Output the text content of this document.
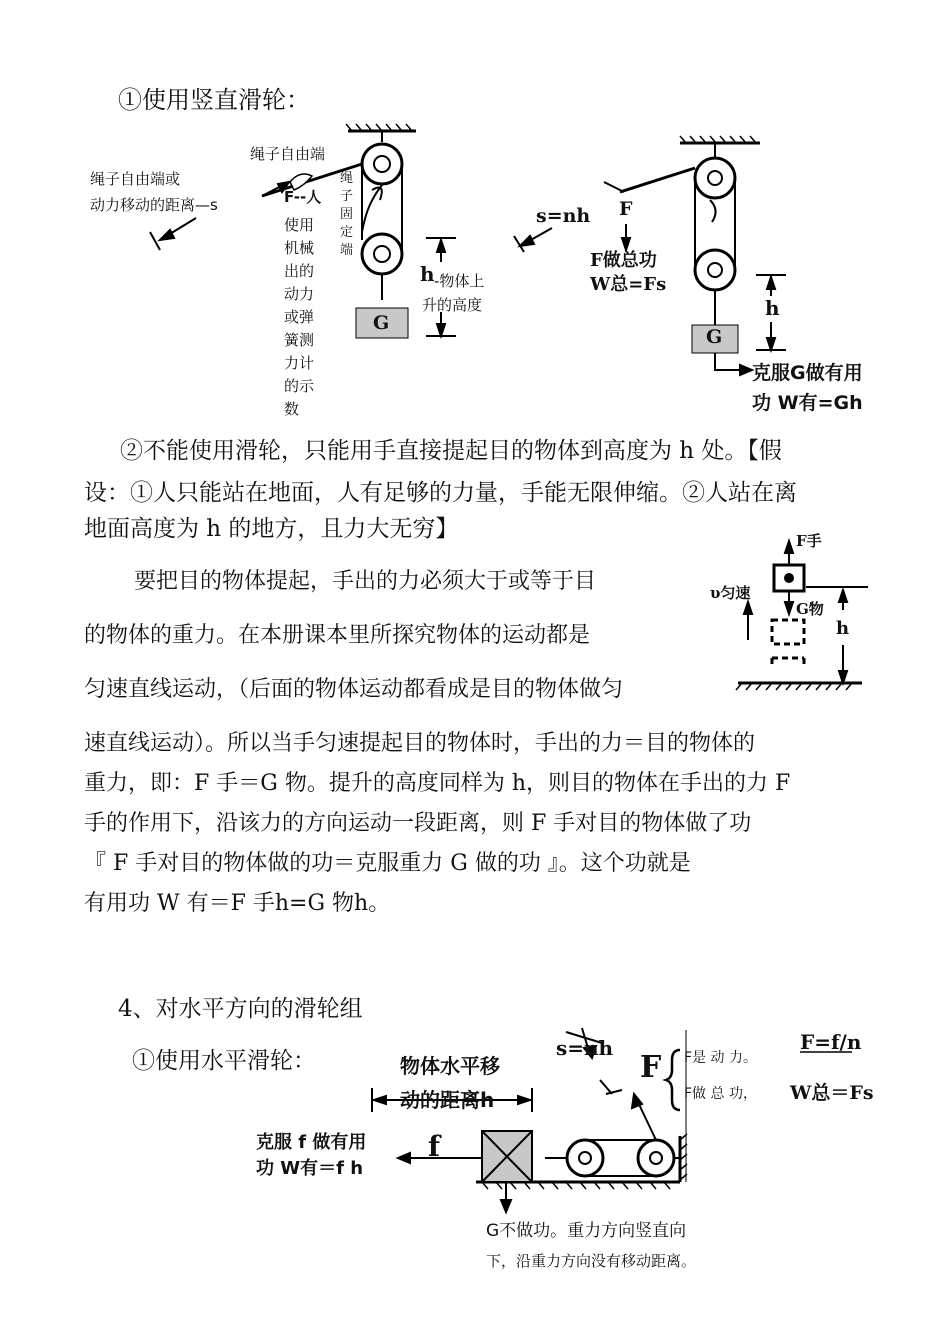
①使用竖直滑轮：
绳子自由端
绳子自由端或
动力移动的距离—s	F--人
使用
机械
出的
动力
或弹
簧测
力计
的示
数
绳
子
固
定
端
h -物体上
升的高度
G
s=nh F
F做总功
W总=Fs
h
G
克服G做有用
功 W有=Gh
②不能使用滑轮，只能用手直接提起目的物体到高度为 h 处。【假
设：①人只能站在地面，人有足够的力量，手能无限伸缩。②人站在离
地面高度为 h 的地方，且力大无穷】
要把目的物体提起，手出的力必须大于或等于目
的物体的重力。在本册课本里所探究物体的运动都是
匀速直线运动，（后面的物体运动都看成是目的物体做匀
速直线运动）。所以当手匀速提起目的物体时，手出的力＝目的物体的
重力，即：F 手＝G 物。提升的高度同样为 h，则目的物体在手出的力 F
手的作用下，沿该力的方向运动一段距离，则 F 手对目的物体做了功
『 F 手对目的物体做的功＝克服重力 G 做的功 』。这个功就是
有用功 W 有＝F 手h=G 物h。
F手
υ匀速
G物
h
4、对水平方向的滑轮组
①使用水平滑轮：	物体水平移
动的距离h
s=nh
F F是 动 力。
F做 总 功，
F=f/n
W总＝Fs
克服 f 做有用
功 W有＝f h
f
G不做功。重力方向竖直向
下，沿重力方向没有移动距离。
